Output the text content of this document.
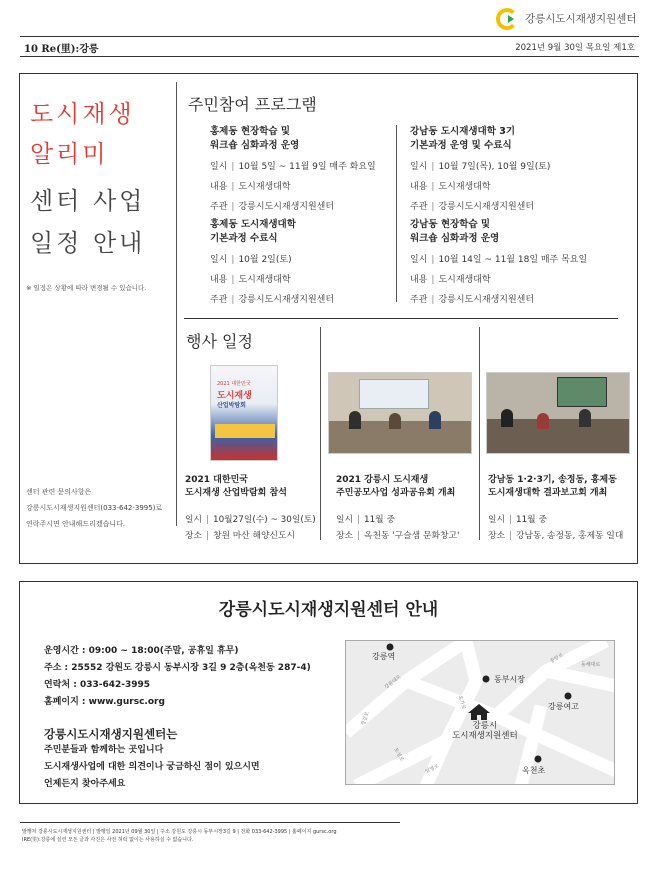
강릉시도시재생지원센터
10 Re(里):강릉	2021년 9월 30일 목요일 제1호
도시재생
알리미
센터 사업
일정 안내
※ 일정은 상황에 따라 변경될 수 있습니다.
센터 관련 문의사항은
강릉시도시재생지원센터(033-642-3995)로
연락주시면 안내해드리겠습니다.
주민참여 프로그램
홍제동 현장학습 및
워크숍 심화과정 운영
일시 | 10월 5일 ~ 11월 9일 매주 화요일
내용 | 도시재생대학
주관 | 강릉시도시재생지원센터
홍제동 도시재생대학
기본과정 수료식
일시 | 10월 2일(토)
내용 | 도시재생대학
주관 | 강릉시도시재생지원센터
강남동 도시재생대학 3기
기본과정 운영 및 수료식
일시 | 10월 7일(목), 10월 9일(토)
내용 | 도시재생대학
주관 | 강릉시도시재생지원센터
강남동 현장학습 및
워크숍 심화과정 운영
일시 | 10월 14일 ~ 11월 18일 매주 목요일
내용 | 도시재생대학
주관 | 강릉시도시재생지원센터
행사 일정
2021 대한민국
도시재생
산업박람회
2021 대한민국
도시재생 산업박람회 참석
일시 | 10월27일(수) ~ 30일(토)
장소 | 창원 마산 해양신도시
2021 강릉시 도시재생
주민공모사업 성과공유회 개최
일시 | 11월 중
장소 | 옥천동 '구슬샘 문화창고'
강남동 1·2·3기, 송정동, 홍제동
도시재생대학 결과보고회 개최
일시 | 11월 중
장소 | 강남동, 송정동, 홍제동 일대
강릉시도시재생지원센터 안내
운영시간 : 09:00 ~ 18:00(주말, 공휴일 휴무)
주소 : 25552 강원도 강릉시 동부시장 3길 9 2층(옥천동 287-4)
연락처 : 033-642-3995
홈페이지 : www.gursc.org
강릉시도시재생지원센터는
주민분들과 함께하는 곳입니다
도시재생사업에 대한 의견이나 궁금하신 점이 있으시면
언제든지 찾아주세요
강릉대로
옥가로
중앙로
경강로
토성로
임영로
동해대로
강릉역
동부시장
강릉여고
강릉시
도시재생지원센터
옥천초
발행처 강릉시도시재생지원센터 | 발행일 2021년 09월 30일 | 주소 강원도 강릉시 동부시장3길 9 | 전화 033-642-3995 | 홈페이지 gursc.org
IRE(里):강릉에 실린 모든 글과 사진은 사전 허락 없이는 사용하실 수 없습니다.
